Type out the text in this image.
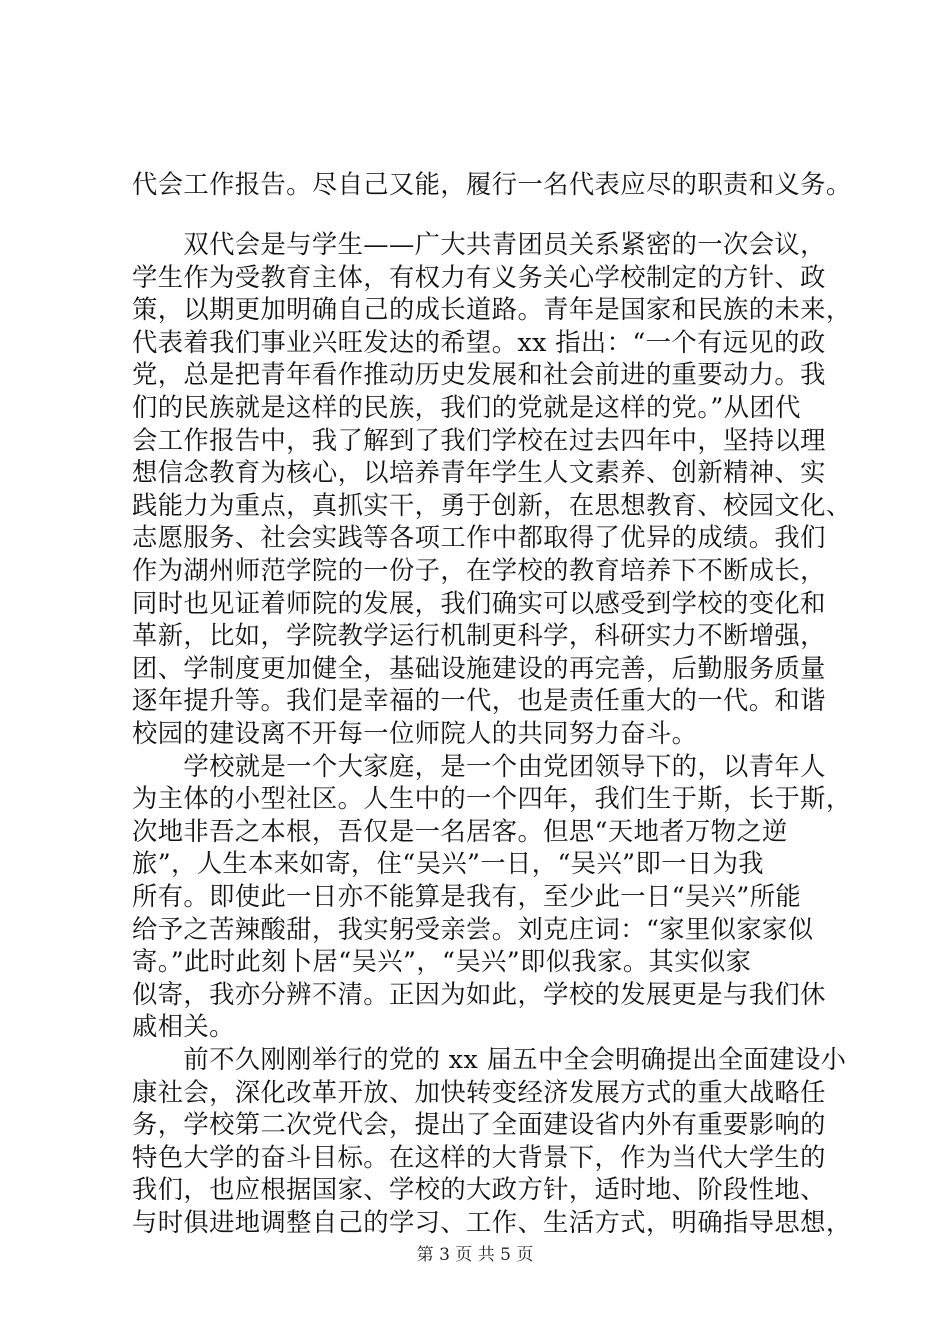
代会工作报告。尽自己又能，履行一名代表应尽的职责和义务。
　　双代会是与学生——广大共青团员关系紧密的一次会议，
学生作为受教育主体，有权力有义务关心学校制定的方针、政
策，以期更加明确自己的成长道路。青年是国家和民族的未来，
代表着我们事业兴旺发达的希望。xx 指出：“一个有远见的政
党，总是把青年看作推动历史发展和社会前进的重要动力。我
们的民族就是这样的民族，我们的党就是这样的党。”从团代
会工作报告中，我了解到了我们学校在过去四年中，坚持以理
想信念教育为核心，以培养青年学生人文素养、创新精神、实
践能力为重点，真抓实干，勇于创新，在思想教育、校园文化、
志愿服务、社会实践等各项工作中都取得了优异的成绩。我们
作为湖州师范学院的一份子，在学校的教育培养下不断成长，
同时也见证着师院的发展，我们确实可以感受到学校的变化和
革新，比如，学院教学运行机制更科学，科研实力不断增强，
团、学制度更加健全，基础设施建设的再完善，后勤服务质量
逐年提升等。我们是幸福的一代，也是责任重大的一代。和谐
校园的建设离不开每一位师院人的共同努力奋斗。
　　学校就是一个大家庭，是一个由党团领导下的，以青年人
为主体的小型社区。人生中的一个四年，我们生于斯，长于斯，
次地非吾之本根，吾仅是一名居客。但思“天地者万物之逆
旅”，人生本来如寄，住“吴兴”一日，“吴兴”即一日为我
所有。即使此一日亦不能算是我有，至少此一日“吴兴”所能
给予之苦辣酸甜，我实躬受亲尝。刘克庄词：“家里似家家似
寄。”此时此刻卜居“吴兴”，“吴兴”即似我家。其实似家
似寄，我亦分辨不清。正因为如此，学校的发展更是与我们休
戚相关。
　　前不久刚刚举行的党的 xx 届五中全会明确提出全面建设小
康社会，深化改革开放、加快转变经济发展方式的重大战略任
务，学校第二次党代会，提出了全面建设省内外有重要影响的
特色大学的奋斗目标。在这样的大背景下，作为当代大学生的
我们，也应根据国家、学校的大政方针，适时地、阶段性地、
与时俱进地调整自己的学习、工作、生活方式，明确指导思想，
第 3 页 共 5 页
